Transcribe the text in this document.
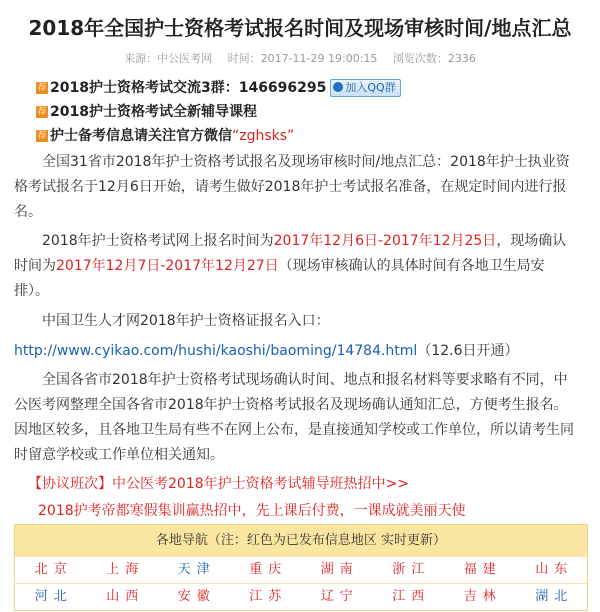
2018年全国护士资格考试报名时间及现场审核时间/地点汇总
来源：中公医考网 时间：2017-11-29 19:00:15 浏览次数：2336
荐 2018护士资格考试交流3群：146696295 加入QQ群
荐 2018护士资格考试全新辅导课程
荐 护士备考信息请关注官方微信“zghsks”

全国31省市2018年护士资格考试报名及现场审核时间/地点汇总：2018年护士执业资格考试报名于12月6日开始，请考生做好2018年护士考试报名准备，在规定时间内进行报名。

2018年护士资格考试网上报名时间为2017年12月6日-2017年12月25日，现场确认时间为2017年12月7日-2017年12月27日（现场审核确认的具体时间有各地卫生局安排）。

中国卫生人才网2018年护士资格证报名入口：

http://www.cyikao.com/hushi/kaoshi/baoming/14784.html（12.6日开通）

全国各省市2018年护士资格考试现场确认时间、地点和报名材料等要求略有不同，中公医考网整理全国各省市2018年护士资格考试报名及现场确认通知汇总，方便考生报名。因地区较多，且各地卫生局有些不在网上公布，是直接通知学校或工作单位，所以请考生同时留意学校或工作单位相关通知。

【协议班次】中公医考2018年护士资格考试辅导班热招中>>

2018护考帝都寒假集训赢热招中，先上课后付费，一课成就美丽天使

各地导航（注：红色为已发布信息地区 实时更新）
北京	上海	天津	重庆	湖南	浙江	福建	山东
河北	山西	安徽	江苏	辽宁	江西	吉林	湖北
